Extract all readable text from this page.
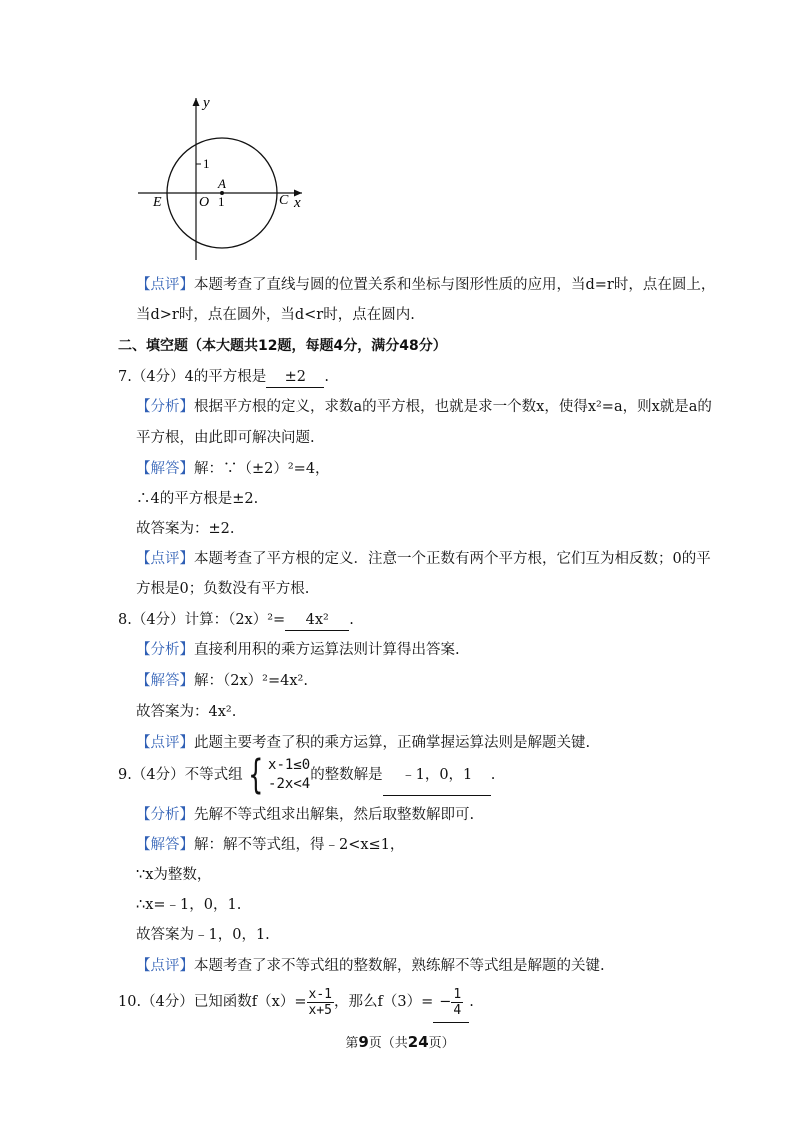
y
x
1
A
1
O
E	C
【点评】本题考查了直线与圆的位置关系和坐标与图形性质的应用，当d=r时，点在圆上，
当d>r时，点在圆外，当d<r时，点在圆内.
二、填空题（本大题共12题，每题4分，满分48分）
7.（4分）4的平方根是 ±2 .
【分析】根据平方根的定义，求数a的平方根，也就是求一个数x，使得x²=a，则x就是a的
平方根，由此即可解决问题.
【解答】解：∵（±2）²=4，
∴4的平方根是±2.
故答案为：±2.
【点评】本题考查了平方根的定义．注意一个正数有两个平方根，它们互为相反数；0的平
方根是0；负数没有平方根.
8.（4分）计算：（2x）²= 4x² .
【分析】直接利用积的乘方运算法则计算得出答案.
【解答】解：（2x）²=4x².
故答案为：4x².
【点评】此题主要考查了积的乘方运算，正确掌握运算法则是解题关键.
9.（4分）不等式组 { x-1≤0
-2x<4
的整数解是 ﹣1，0，1 .
【分析】先解不等式组求出解集，然后取整数解即可.
【解答】解：解不等式组，得﹣2<x≤1，
∵x为整数，
∴x=﹣1，0，1.
故答案为﹣1，0，1.
【点评】本题考查了求不等式组的整数解，熟练解不等式组是解题的关键.
10.（4分）已知函数$f(x)= \frac{x-1}{x+5}$ ，那么$f(3)= - \frac{1}{4}$ .
第9页（共24页）
